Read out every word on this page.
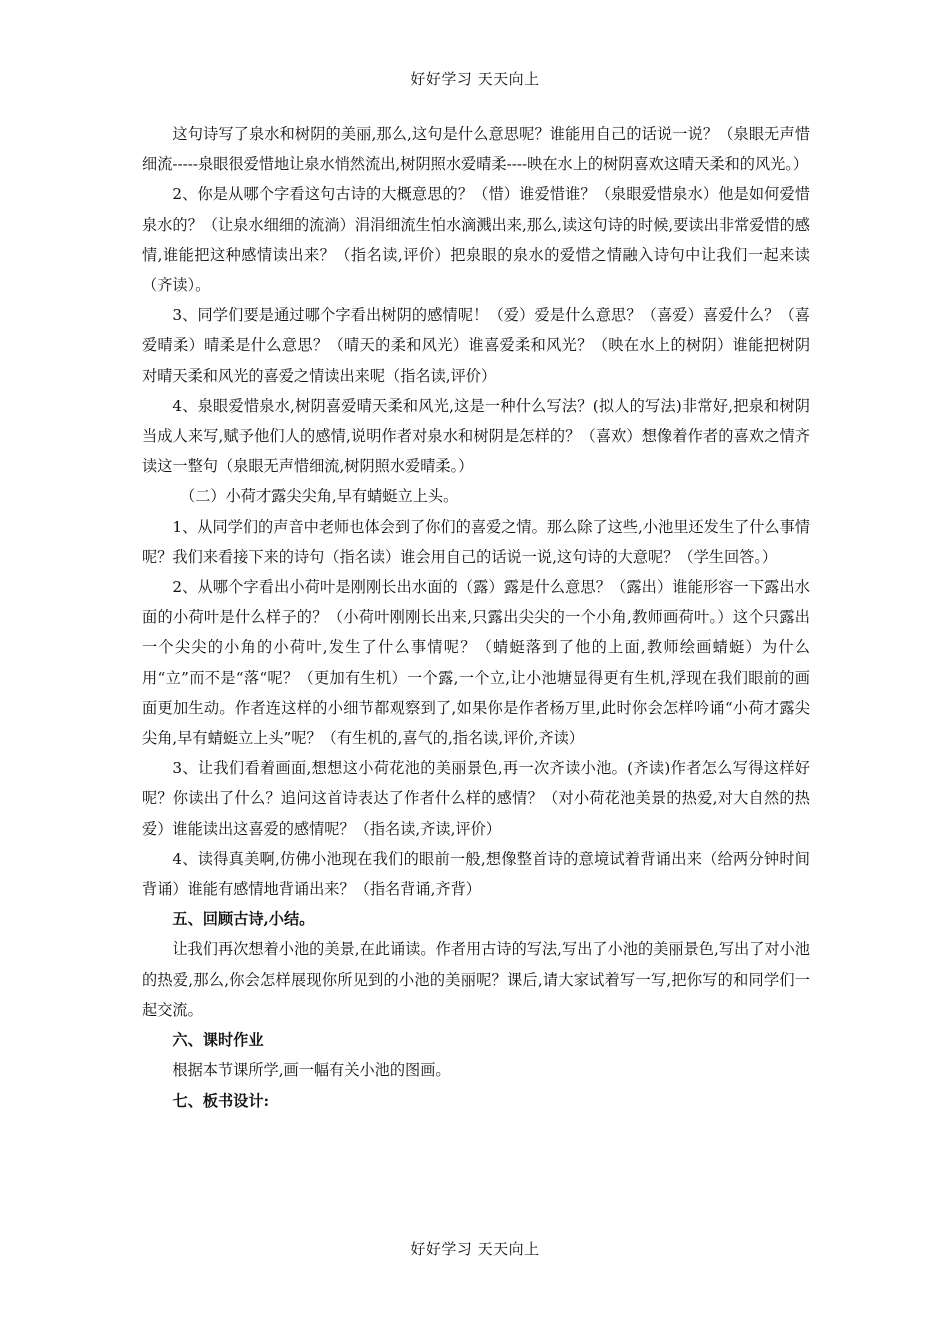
好好学习 天天向上

这句诗写了泉水和树阴的美丽,那么,这句是什么意思呢？谁能用自己的话说一说？（泉眼无声惜细流-----泉眼很爱惜地让泉水悄然流出,树阴照水爱晴柔----映在水上的树阴喜欢这晴天柔和的风光。）

2、你是从哪个字看这句古诗的大概意思的？（惜）谁爱惜谁？（泉眼爱惜泉水）他是如何爱惜泉水的？（让泉水细细的流淌）涓涓细流生怕水滴溅出来,那么,读这句诗的时候,要读出非常爱惜的感情,谁能把这种感情读出来？（指名读,评价）把泉眼的泉水的爱惜之情融入诗句中让我们一起来读（齐读）。

3、同学们要是通过哪个字看出树阴的感情呢！（爱）爱是什么意思？（喜爱）喜爱什么？（喜爱晴柔）晴柔是什么意思？（晴天的柔和风光）谁喜爱柔和风光？（映在水上的树阴）谁能把树阴对晴天柔和风光的喜爱之情读出来呢（指名读,评价）

4、泉眼爱惜泉水,树阴喜爱晴天柔和风光,这是一种什么写法？(拟人的写法)非常好,把泉和树阴当成人来写,赋予他们人的感情,说明作者对泉水和树阴是怎样的？（喜欢）想像着作者的喜欢之情齐读这一整句（泉眼无声惜细流,树阴照水爱晴柔。）

（二）小荷才露尖尖角,早有蜻蜓立上头。

1、从同学们的声音中老师也体会到了你们的喜爱之情。那么除了这些,小池里还发生了什么事情呢？我们来看接下来的诗句（指名读）谁会用自己的话说一说,这句诗的大意呢？（学生回答。）

2、从哪个字看出小荷叶是刚刚长出水面的（露）露是什么意思？（露出）谁能形容一下露出水面的小荷叶是什么样子的？（小荷叶刚刚长出来,只露出尖尖的一个小角,教师画荷叶。）这个只露出一个尖尖的小角的小荷叶,发生了什么事情呢？（蜻蜓落到了他的上面,教师绘画蜻蜓）为什么用“立”而不是“落“呢？（更加有生机）一个露,一个立,让小池塘显得更有生机,浮现在我们眼前的画面更加生动。作者连这样的小细节都观察到了,如果你是作者杨万里,此时你会怎样吟诵“小荷才露尖尖角,早有蜻蜓立上头”呢？（有生机的,喜气的,指名读,评价,齐读）

3、让我们看着画面,想想这小荷花池的美丽景色,再一次齐读小池。(齐读)作者怎么写得这样好呢？你读出了什么？追问这首诗表达了作者什么样的感情？（对小荷花池美景的热爱,对大自然的热爱）谁能读出这喜爱的感情呢？（指名读,齐读,评价）

4、读得真美啊,仿佛小池现在我们的眼前一般,想像整首诗的意境试着背诵出来（给两分钟时间背诵）谁能有感情地背诵出来？（指名背诵,齐背）

五、回顾古诗,小结。

让我们再次想着小池的美景,在此诵读。作者用古诗的写法,写出了小池的美丽景色,写出了对小池的热爱,那么,你会怎样展现你所见到的小池的美丽呢？课后,请大家试着写一写,把你写的和同学们一起交流。

六、课时作业

根据本节课所学,画一幅有关小池的图画。

七、板书设计:

好好学习 天天向上
